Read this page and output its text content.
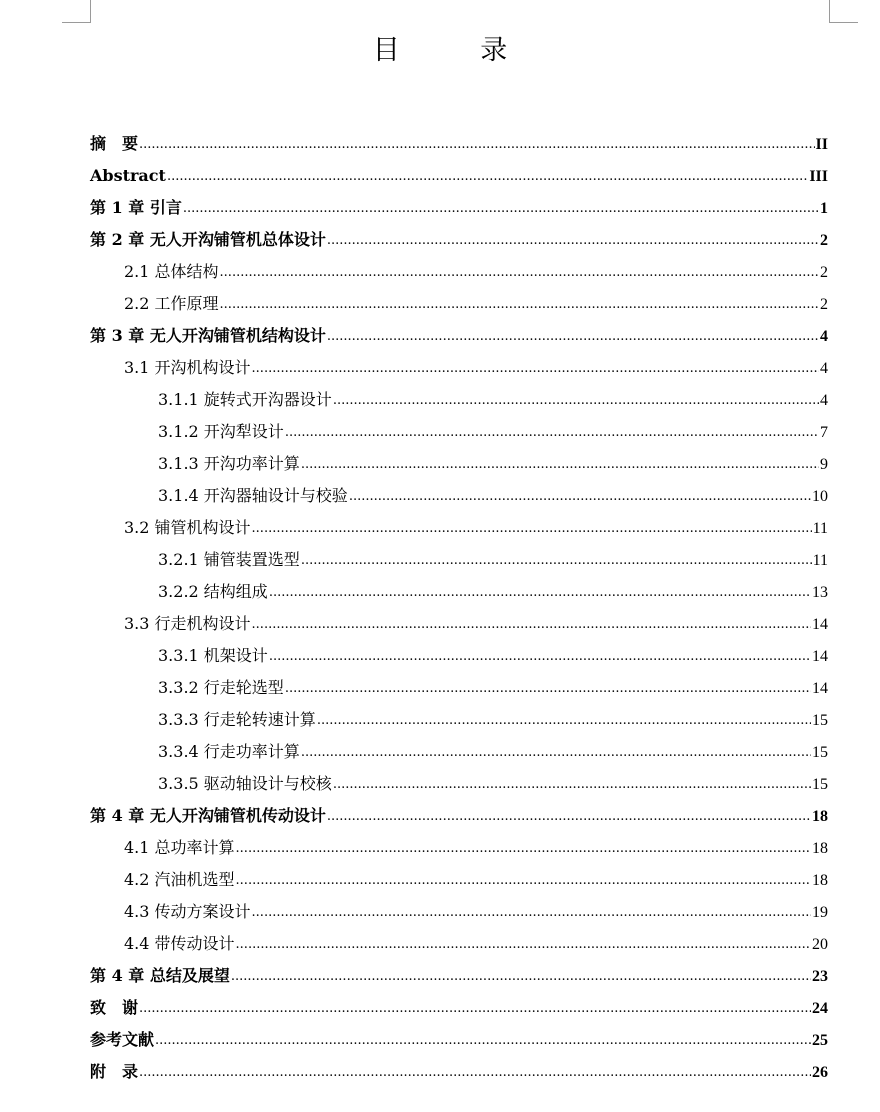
目 录
摘　要 .....	II
Abstract .....	III
第 1 章 引言 .....	1
第 2 章 无人开沟铺管机总体设计 .....	2
2.1 总体结构 .....	2
2.2 工作原理 .....	2
第 3 章 无人开沟铺管机结构设计 .....	4
3.1 开沟机构设计 .....	4
3.1.1 旋转式开沟器设计 .....	4
3.1.2 开沟犁设计 .....	7
3.1.3 开沟功率计算 .....	9
3.1.4 开沟器轴设计与校验 .....	10
3.2 铺管机构设计 .....	11
3.2.1 铺管装置选型 .....	11
3.2.2 结构组成 .....	13
3.3 行走机构设计 .....	14
3.3.1 机架设计 .....	14
3.3.2 行走轮选型 .....	14
3.3.3 行走轮转速计算 .....	15
3.3.4 行走功率计算 .....	15
3.3.5 驱动轴设计与校核 .....	15
第 4 章 无人开沟铺管机传动设计 .....	18
4.1 总功率计算 .....	18
4.2 汽油机选型 .....	18
4.3 传动方案设计 .....	19
4.4 带传动设计 .....	20
第 4 章 总结及展望 .....	23
致　谢 .....	24
参考文献 .....	25
附　录 .....	26
